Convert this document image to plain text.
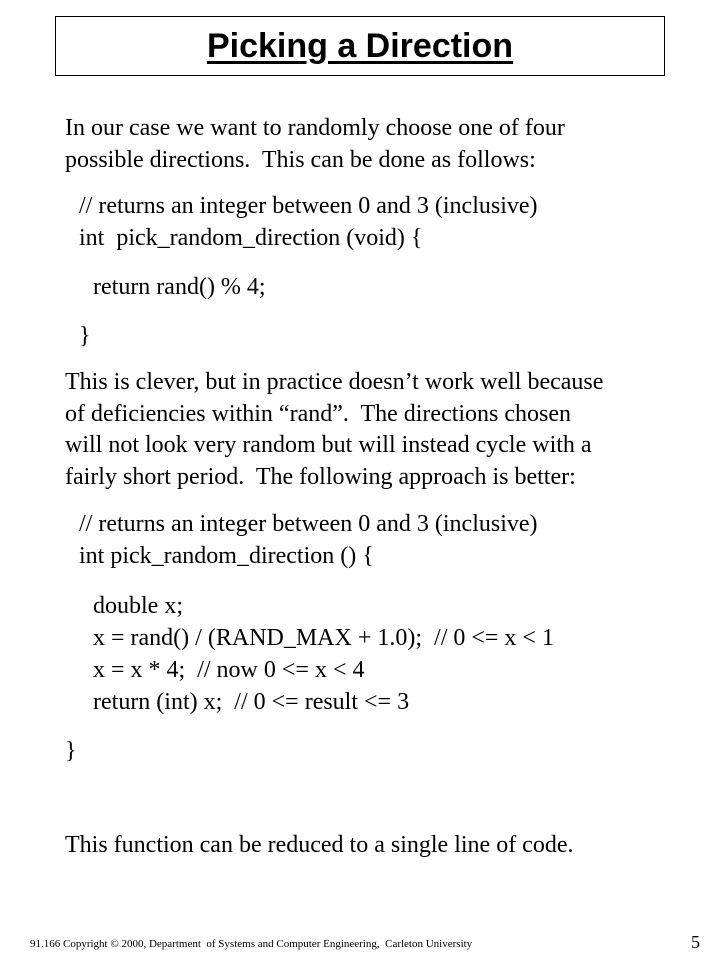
Picking a Direction
In our case we want to randomly choose one of four
possible directions.  This can be done as follows:
// returns an integer between 0 and 3 (inclusive)
int  pick_random_direction (void) {
return rand() % 4;
}
This is clever, but in practice doesn’t work well because
of deficiencies within “rand”.  The directions chosen
will not look very random but will instead cycle with a
fairly short period.  The following approach is better:
// returns an integer between 0 and 3 (inclusive)
int pick_random_direction () {
double x;
x = rand() / (RAND_MAX + 1.0);  // 0 <= x < 1
x = x * 4;  // now 0 <= x < 4
return (int) x;  // 0 <= result <= 3
}
This function can be reduced to a single line of code.
91.166 Copyright © 2000, Department  of Systems and Computer Engineering,  Carleton University	5
